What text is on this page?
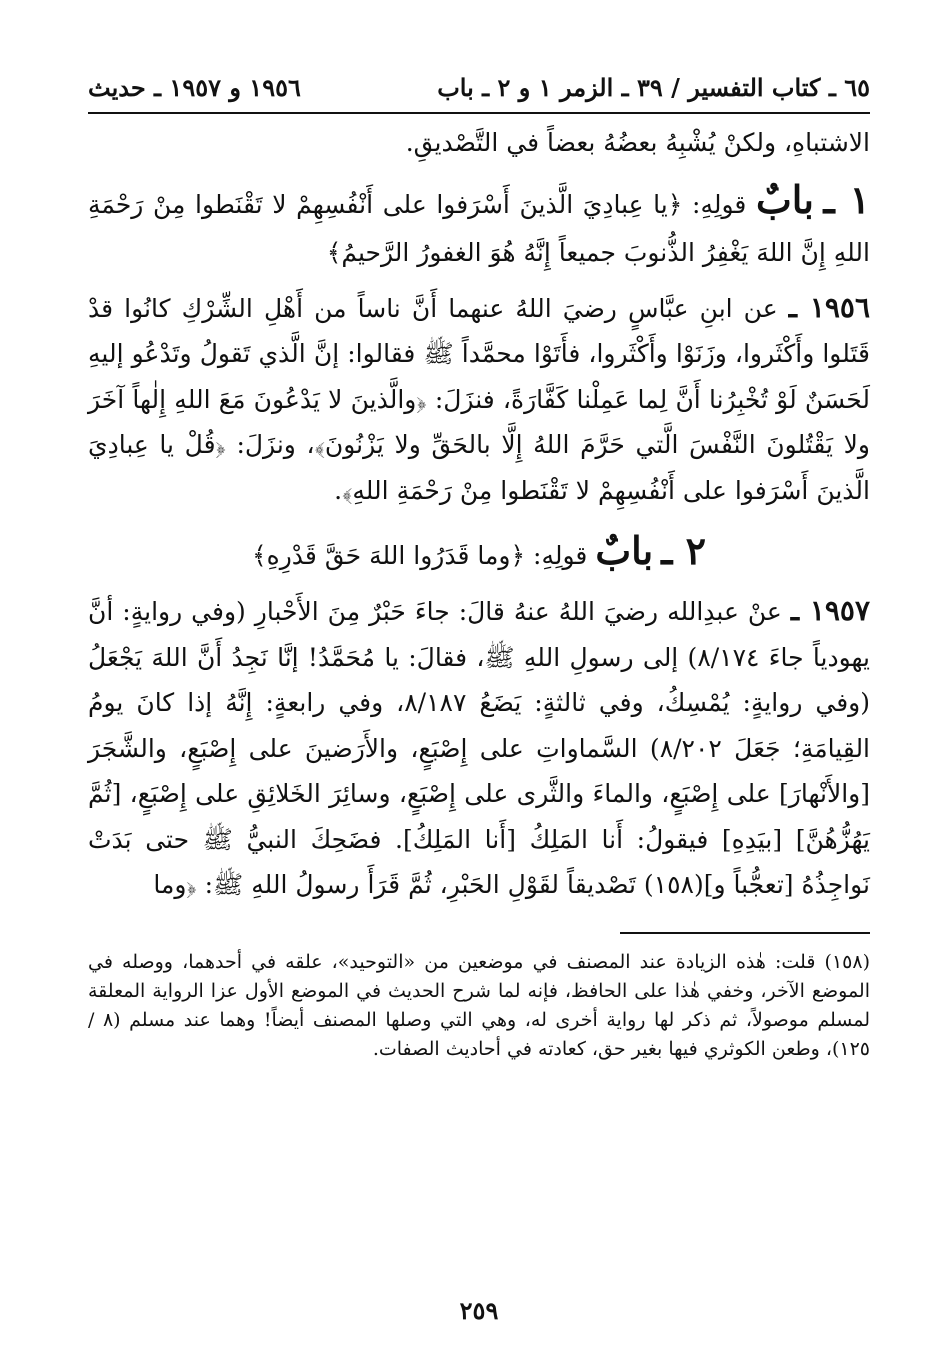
٦٥ ـ كتاب التفسير / ٣٩ ـ الزمر ١ و ٢ ـ باب
١٩٥٦ و ١٩٥٧ ـ حديث

الاشتباهِ، ولكنْ يُشْبِهُ بعضُهُ بعضاً في التَّصْديقِ.

١ ـ بابٌ قولِهِ: ﴿يا عِبادِيَ الَّذينَ أَسْرَفوا على أَنْفُسِهِمْ لا تَقْنَطوا مِنْ رَحْمَةِ اللهِ إِنَّ اللهَ يَغْفِرُ الذُّنوبَ جميعاً إِنَّهُ هُوَ الغفورُ الرَّحيمُ﴾

١٩٥٦ ـ عن ابنِ عبَّاسٍ رضيَ اللهُ عنهما أَنَّ ناساً من أَهْلِ الشِّرْكِ كانُوا قدْ قَتَلوا وأَكْثَروا، وزَنَوْا وأَكْثَروا، فأَتَوْا محمَّداً ﷺ فقالوا: إنَّ الَّذي تَقولُ وتَدْعُو إليهِ لَحَسَنٌ لَوْ تُخْبِرُنا أَنَّ لِما عَمِلْنا كَفَّارَةً، فنزَلَ: ﴿والَّذينَ لا يَدْعُونَ مَعَ اللهِ إِلٰهاً آخَرَ ولا يَقْتُلونَ النَّفْسَ الَّتي حَرَّمَ اللهُ إِلَّا بالحَقِّ ولا يَزْنُونَ﴾، ونزَلَ: ﴿قُلْ يا عِبادِيَ الَّذينَ أَسْرَفوا على أَنْفُسِهِمْ لا تَقْنَطوا مِنْ رَحْمَةِ اللهِ﴾.

٢ ـ بابٌ قولِهِ: ﴿وما قَدَرُوا اللهَ حَقَّ قَدْرِهِ﴾

١٩٥٧ ـ عنْ عبدِالله رضيَ اللهُ عنهُ قالَ: جاءَ حَبْرٌ مِنَ الأَحْبارِ (وفي روايةٍ: أنَّ يهودياً جاءَ ٨/١٧٤) إلى رسولِ اللهِ ﷺ، فقالَ: يا مُحَمَّدُ! إنَّا نَجِدُ أَنَّ اللهَ يَجْعَلُ (وفي روايةٍ: يُمْسِكُ، وفي ثالثةٍ: يَضَعُ ٨/١٨٧، وفي رابعةٍ: إِنَّهُ إذا كانَ يومُ القِيامَةِ؛ جَعَلَ ٨/٢٠٢) السَّماواتِ على إِصْبَعٍ، والأَرَضينَ على إِصْبَعٍ، والشَّجَرَ [والأَنْهارَ] على إِصْبَعٍ، والماءَ والثَّرى على إِصْبَعٍ، وسائِرَ الخَلائِقِ على إِصْبَعٍ، [ثُمَّ يَهُزُّهُنَّ] [بيَدِهِ] فيقولُ: أَنا المَلِكُ [أَنا المَلِكُ]. فضَحِكَ النبيُّ ﷺ حتى بَدَتْ نَواجِذُهُ [تعجُّباً و](١٥٨) تَصْديقاً لقَوْلِ الحَبْرِ، ثُمَّ قَرَأَ رسولُ اللهِ ﷺ: ﴿وما

(١٥٨) قلت: هٰذه الزيادة عند المصنف في موضعين من «التوحيد»، علقه في أحدهما، ووصله في الموضع الآخر، وخفي هٰذا على الحافظ، فإنه لما شرح الحديث في الموضع الأول عزا الرواية المعلقة لمسلم موصولاً، ثم ذكر لها رواية أخرى له، وهي التي وصلها المصنف أيضاً! وهما عند مسلم (٨ / ١٢٥)، وطعن الكوثري فيها بغير حق، كعادته في أحاديث الصفات.

٢٥٩
